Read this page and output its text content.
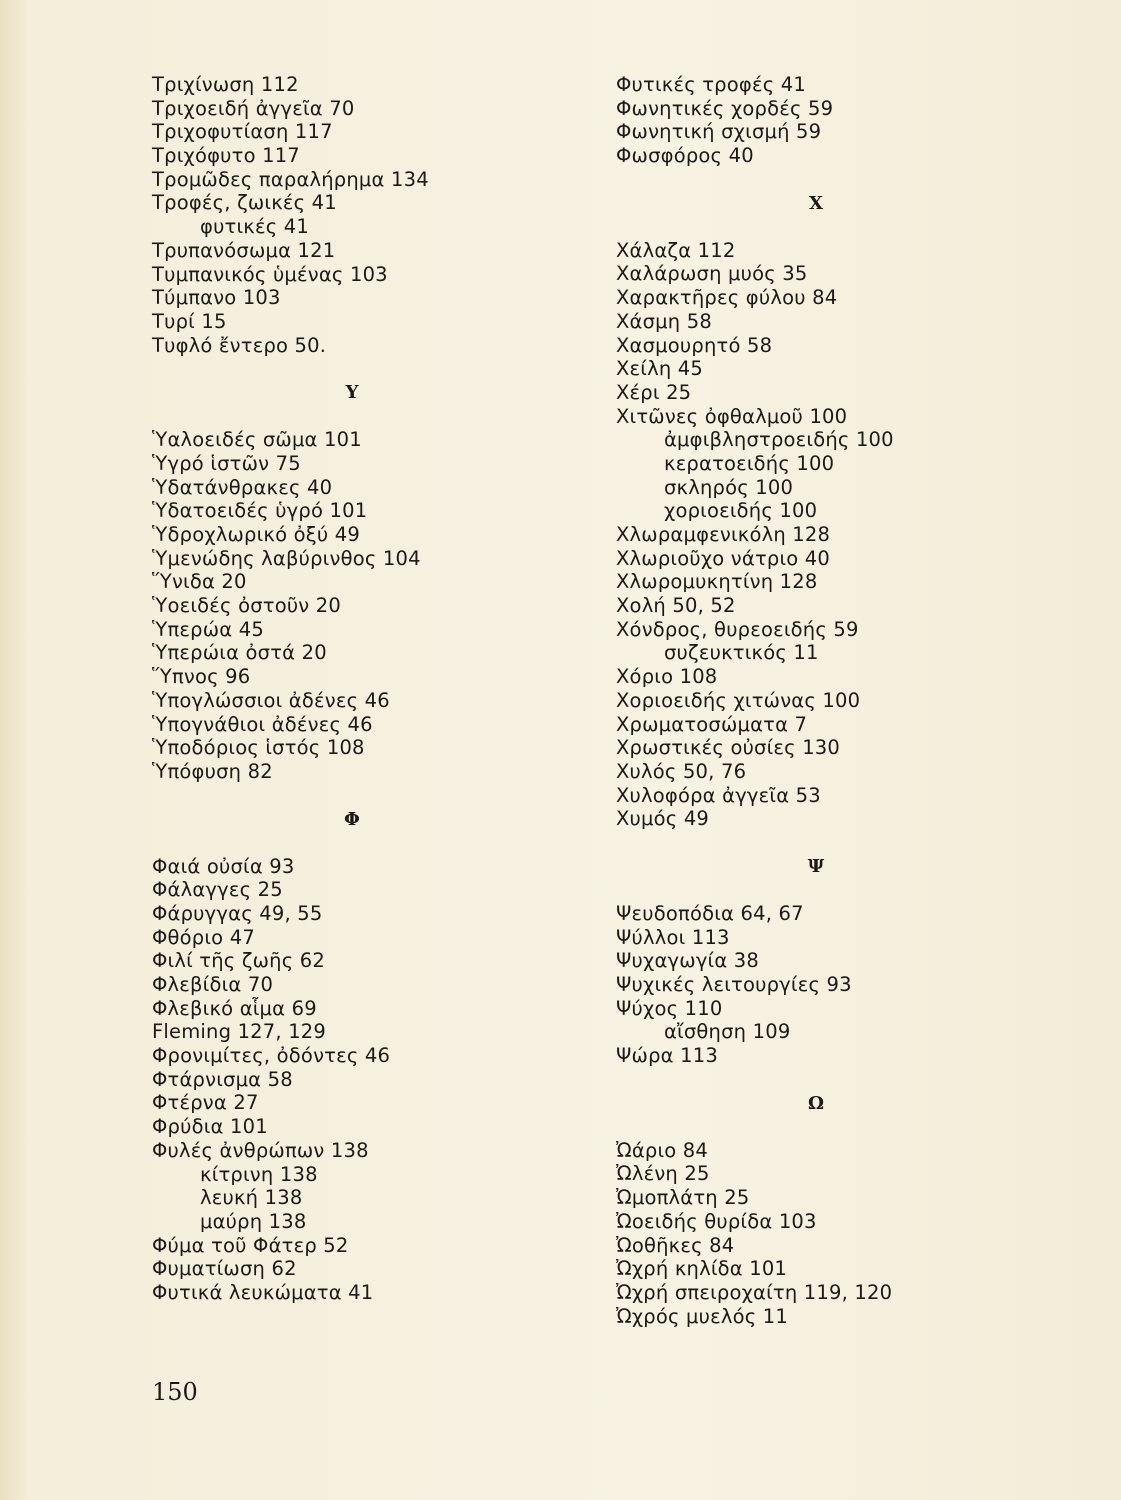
Τριχίνωση 112
Τριχοειδή ἀγγεῖα 70
Τριχοφυτίαση 117
Τριχόφυτο 117
Τρομῶδες παραλήρημα 134
Τροφές, ζωικές 41
φυτικές 41
Τρυπανόσωμα 121
Τυμπανικός ὑμένας 103
Τύμπανο 103
Τυρί 15
Τυφλό ἔντερο 50.
Υ
Ὑαλοειδές σῶμα 101
Ὑγρό ἱστῶν 75
Ὑδατάνθρακες 40
Ὑδατοειδές ὑγρό 101
Ὑδροχλωρικό ὀξύ 49
Ὑμενώδης λαβύρινθος 104
Ὕνιδα 20
Ὑοειδές ὀστοῦν 20
Ὑπερώα 45
Ὑπερώια ὀστά 20
Ὕπνος 96
Ὑπογλώσσιοι ἀδένες 46
Ὑπογνάθιοι ἀδένες 46
Ὑποδόριος ἱστός 108
Ὑπόφυση 82
Φ
Φαιά οὐσία 93
Φάλαγγες 25
Φάρυγγας 49, 55
Φθόριο 47
Φιλί τῆς ζωῆς 62
Φλεβίδια 70
Φλεβικό αἷμα 69
Fleming 127, 129
Φρονιμίτες, ὀδόντες 46
Φτάρνισμα 58
Φτέρνα 27
Φρύδια 101
Φυλές ἀνθρώπων 138
κίτρινη 138
λευκή 138
μαύρη 138
Φύμα τοῦ Φάτερ 52
Φυματίωση 62
Φυτικά λευκώματα 41
Φυτικές τροφές 41
Φωνητικές χορδές 59
Φωνητική σχισμή 59
Φωσφόρος 40
Χ
Χάλαζα 112
Χαλάρωση μυός 35
Χαρακτῆρες φύλου 84
Χάσμη 58
Χασμουρητό 58
Χείλη 45
Χέρι 25
Χιτῶνες ὀφθαλμοῦ 100
ἀμφιβληστροειδής 100
κερατοειδής 100
σκληρός 100
χοριοειδής 100
Χλωραμφενικόλη 128
Χλωριοῦχο νάτριο 40
Χλωρομυκητίνη 128
Χολή 50, 52
Χόνδρος, θυρεοειδής 59
συζευκτικός 11
Χόριο 108
Χοριοειδής χιτώνας 100
Χρωματοσώματα 7
Χρωστικές οὐσίες 130
Χυλός 50, 76
Χυλοφόρα ἀγγεῖα 53
Χυμός 49
Ψ
Ψευδοπόδια 64, 67
Ψύλλοι 113
Ψυχαγωγία 38
Ψυχικές λειτουργίες 93
Ψύχος 110
αἴσθηση 109
Ψώρα 113
Ω
Ὠάριο 84
Ὠλένη 25
Ὠμοπλάτη 25
Ὠοειδής θυρίδα 103
Ὠοθῆκες 84
Ὠχρή κηλίδα 101
Ὠχρή σπειροχαίτη 119, 120
Ὠχρός μυελός 11
150
